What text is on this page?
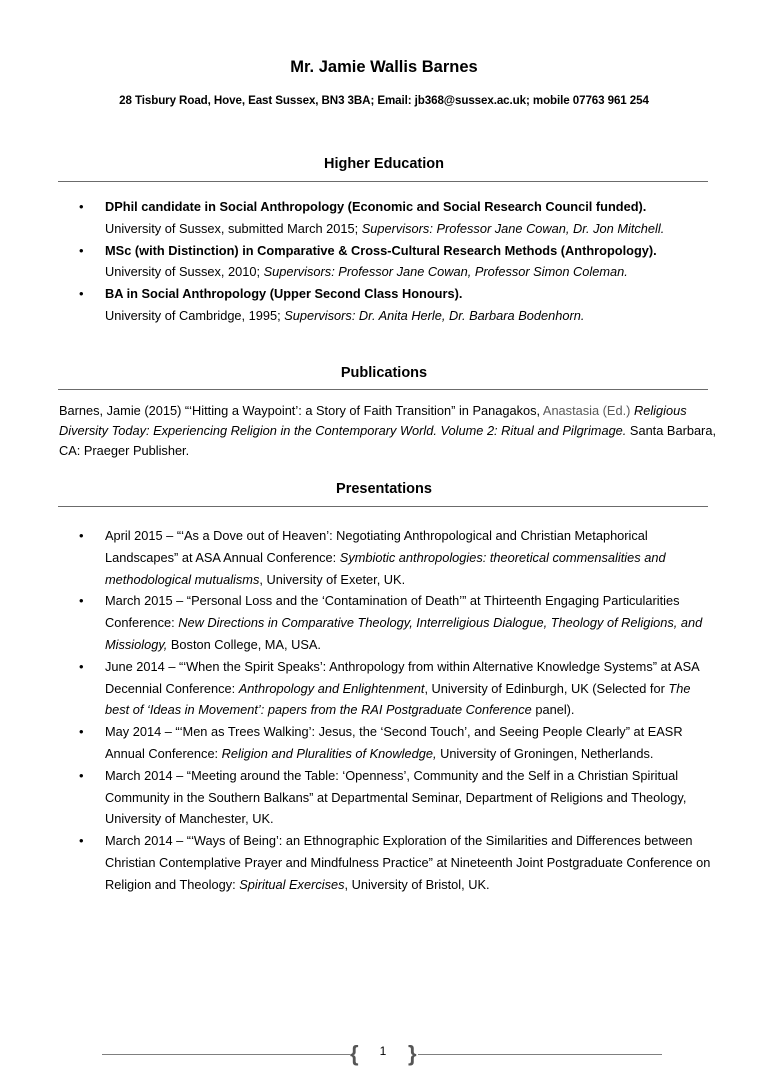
Mr. Jamie Wallis Barnes
28 Tisbury Road, Hove, East Sussex, BN3 3BA; Email: jb368@sussex.ac.uk; mobile 07763 961 254
Higher Education
• DPhil candidate in Social Anthropology (Economic and Social Research Council funded).
University of Sussex, submitted March 2015; Supervisors: Professor Jane Cowan, Dr. Jon Mitchell.
• MSc (with Distinction) in Comparative & Cross-Cultural Research Methods (Anthropology).
University of Sussex, 2010; Supervisors: Professor Jane Cowan, Professor Simon Coleman.
• BA in Social Anthropology (Upper Second Class Honours).
University of Cambridge, 1995; Supervisors: Dr. Anita Herle, Dr. Barbara Bodenhorn.
Publications
Barnes, Jamie (2015) “‘Hitting a Waypoint’: a Story of Faith Transition” in Panagakos, Anastasia (Ed.) Religious Diversity Today: Experiencing Religion in the Contemporary World. Volume 2: Ritual and Pilgrimage. Santa Barbara, CA: Praeger Publisher.
Presentations
• April 2015 – “‘As a Dove out of Heaven’: Negotiating Anthropological and Christian Metaphorical Landscapes” at ASA Annual Conference: Symbiotic anthropologies: theoretical commensalities and methodological mutualisms, University of Exeter, UK.
• March 2015 – “Personal Loss and the ‘Contamination of Death’” at Thirteenth Engaging Particularities Conference: New Directions in Comparative Theology, Interreligious Dialogue, Theology of Religions, and Missiology, Boston College, MA, USA.
• June 2014 – “‘When the Spirit Speaks’: Anthropology from within Alternative Knowledge Systems” at ASA Decennial Conference: Anthropology and Enlightenment, University of Edinburgh, UK (Selected for The best of ‘Ideas in Movement’: papers from the RAI Postgraduate Conference panel).
• May 2014 – “‘Men as Trees Walking’: Jesus, the ‘Second Touch’, and Seeing People Clearly” at EASR Annual Conference: Religion and Pluralities of Knowledge, University of Groningen, Netherlands.
• March 2014 – “Meeting around the Table: ‘Openness’, Community and the Self in a Christian Spiritual Community in the Southern Balkans” at Departmental Seminar, Department of Religions and Theology, University of Manchester, UK.
• March 2014 – “‘Ways of Being’: an Ethnographic Exploration of the Similarities and Differences between Christian Contemplative Prayer and Mindfulness Practice” at Nineteenth Joint Postgraduate Conference on Religion and Theology: Spiritual Exercises, University of Bristol, UK.
{	1 }
